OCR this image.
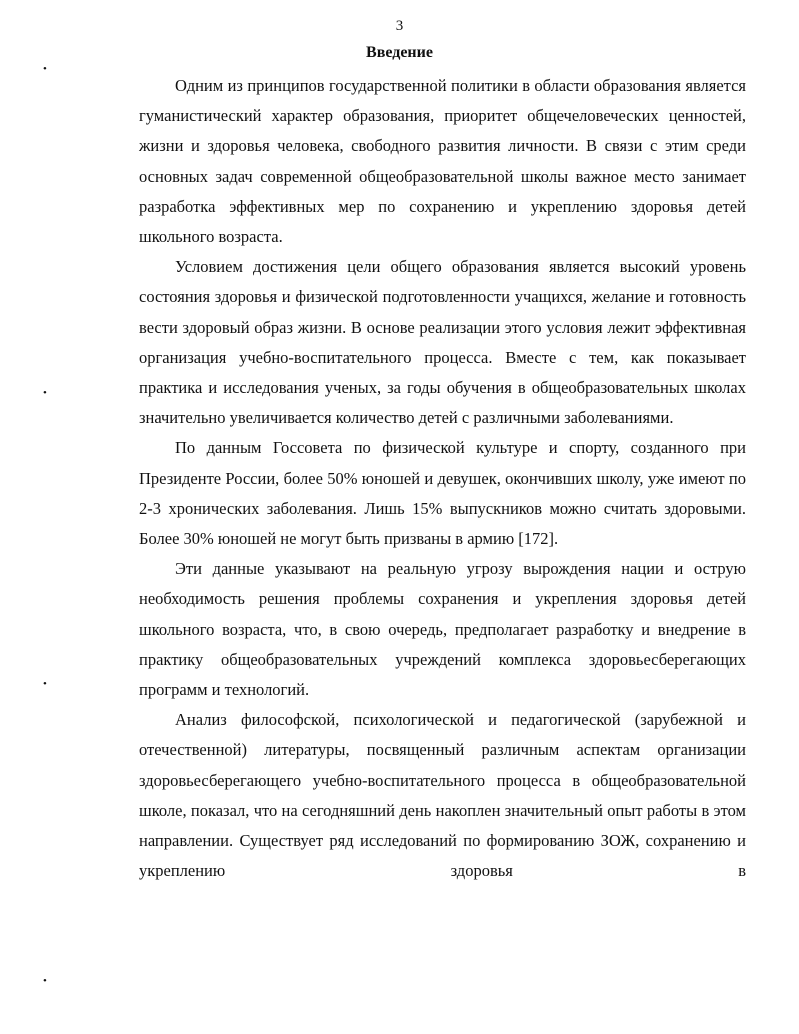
3
Введение

Одним из принципов государственной политики в области образования является гуманистический характер образования, приоритет общечеловеческих ценностей, жизни и здоровья человека, свободного развития личности. В связи с этим среди основных задач современной общеобразовательной школы важное место занимает разработка эффективных мер по сохранению и укреплению здоровья детей школьного возраста.

Условием достижения цели общего образования является высокий уровень состояния здоровья и физической подготовленности учащихся, желание и готовность вести здоровый образ жизни. В основе реализации этого условия лежит эффективная организация учебно-воспитательного процесса. Вместе с тем, как показывает практика и исследования ученых, за годы обучения в общеобразовательных школах значительно увеличивается количество детей с различными заболеваниями.

По данным Госсовета по физической культуре и спорту, созданного при Президенте России, более 50% юношей и девушек, окончивших школу, уже имеют по 2-3 хронических заболевания. Лишь 15% выпускников можно считать здоровыми. Более 30% юношей не могут быть призваны в армию [172].

Эти данные указывают на реальную угрозу вырождения нации и острую необходимость решения проблемы сохранения и укрепления здоровья детей школьного возраста, что, в свою очередь, предполагает разработку и внедрение в практику общеобразовательных учреждений комплекса здоровьесберегающих программ и технологий.

Анализ философской, психологической и педагогической (зарубежной и отечественной) литературы, посвященный различным аспектам организации здоровьесберегающего учебно-воспитательного процесса в общеобразовательной школе, показал, что на сегодняшний день накоплен значительный опыт работы в этом направлении. Существует ряд исследований по формированию ЗОЖ, сохранению и укреплению здоровья в

•
•
•
•
